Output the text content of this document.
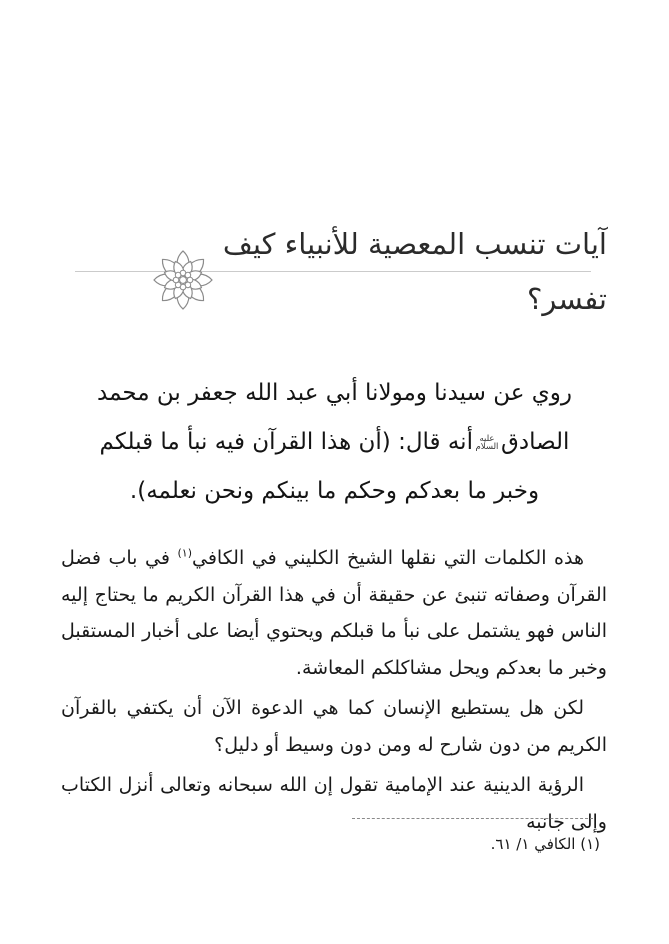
آيات تنسب المعصية للأنبياء كيف
تفسر؟
روي عن سيدنا ومولانا أبي عبد الله جعفر بن محمد
الصادقعليه السلامأنه قال: (أن هذا القرآن فيه نبأ ما قبلكم
وخبر ما بعدكم وحكم ما بينكم ونحن نعلمه).

هذه الكلمات التي نقلها الشيخ الكليني في الكافي$^{(١)}$ في باب فضل القرآن وصفاته تنبئ عن حقيقة أن في هذا القرآن الكريم ما يحتاج إليه الناس فهو يشتمل على نبأ ما قبلكم ويحتوي أيضا على أخبار المستقبل وخبر ما بعدكم ويحل مشاكلكم المعاشة.

لكن هل يستطيع الإنسان كما هي الدعوة الآن أن يكتفي بالقرآن الكريم من دون شارح له ومن دون وسيط أو دليل؟

الرؤية الدينية عند الإمامية تقول إن الله سبحانه وتعالى أنزل الكتاب وإلى جانبه

(١) الكافي ١/ ٦١.
